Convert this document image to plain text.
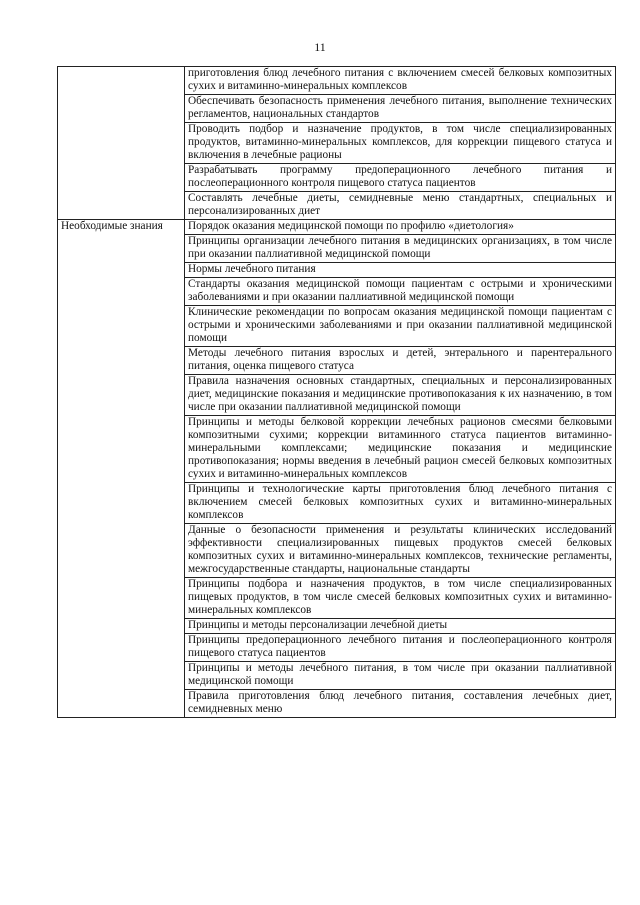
11
	приготовления блюд лечебного питания с включением смесей белковых композитных сухих и витаминно-минеральных комплексов
	Обеспечивать безопасность применения лечебного питания, выполнение технических регламентов, национальных стандартов
	Проводить подбор и назначение продуктов, в том числе специализированных продуктов, витаминно-минеральных комплексов, для коррекции пищевого статуса и включения в лечебные рационы
	Разрабатывать программу предоперационного лечебного питания и послеоперационного контроля пищевого статуса пациентов
	Составлять лечебные диеты, семидневные меню стандартных, специальных и персонализированных диет
Необходимые знания	Порядок оказания медицинской помощи по профилю «диетология»
	Принципы организации лечебного питания в медицинских организациях, в том числе при оказании паллиативной медицинской помощи
	Нормы лечебного питания
	Стандарты оказания медицинской помощи пациентам с острыми и хроническими заболеваниями и при оказании паллиативной медицинской помощи
	Клинические рекомендации по вопросам оказания медицинской помощи пациентам с острыми и хроническими заболеваниями и при оказании паллиативной медицинской помощи
	Методы лечебного питания взрослых и детей, энтерального и парентерального питания, оценка пищевого статуса
	Правила назначения основных стандартных, специальных и персонализированных диет, медицинские показания и медицинские противопоказания к их назначению, в том числе при оказании паллиативной медицинской помощи
	Принципы и методы белковой коррекции лечебных рационов смесями белковыми композитными сухими; коррекции витаминного статуса пациентов витаминно-минеральными комплексами; медицинские показания и медицинские противопоказания; нормы введения в лечебный рацион смесей белковых композитных сухих и витаминно-минеральных комплексов
	Принципы и технологические карты приготовления блюд лечебного питания с включением смесей белковых композитных сухих и витаминно-минеральных комплексов
	Данные о безопасности применения и результаты клинических исследований эффективности специализированных пищевых продуктов смесей белковых композитных сухих и витаминно-минеральных комплексов, технические регламенты, межгосударственные стандарты, национальные стандарты
	Принципы подбора и назначения продуктов, в том числе специализированных пищевых продуктов, в том числе смесей белковых композитных сухих и витаминно-минеральных комплексов
	Принципы и методы персонализации лечебной диеты
	Принципы предоперационного лечебного питания и послеоперационного контроля пищевого статуса пациентов
	Принципы и методы лечебного питания, в том числе при оказании паллиативной медицинской помощи
	Правила приготовления блюд лечебного питания, составления лечебных диет, семидневных меню
